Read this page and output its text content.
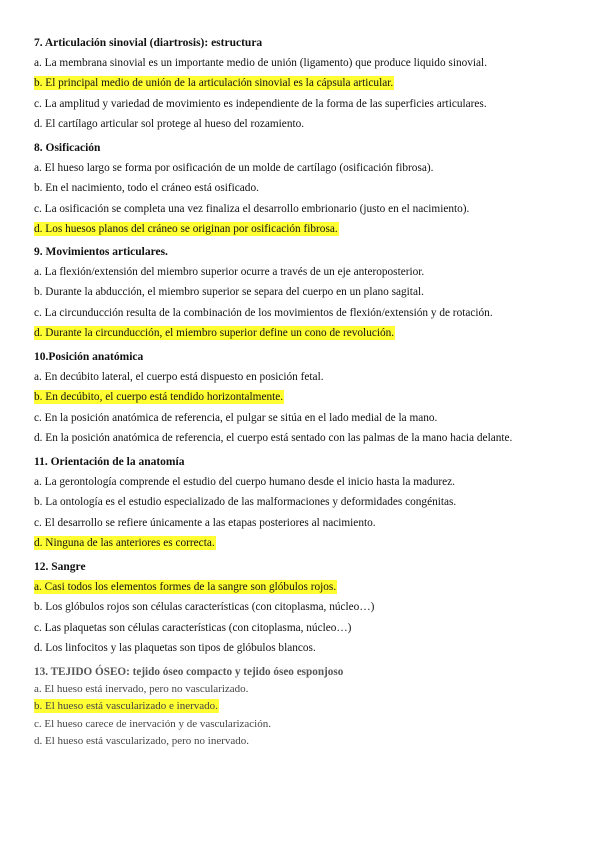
7. Articulación sinovial (diartrosis): estructura
a. La membrana sinovial es un importante medio de unión (ligamento) que produce liquido sinovial.
b. El principal medio de unión de la articulación sinovial es la cápsula articular.
c. La amplitud y variedad de movimiento es independiente de la forma de las superficies articulares.
d. El cartílago articular sol protege al hueso del rozamiento.
8. Osificación
a. El hueso largo se forma por osificación de un molde de cartílago (osificación fibrosa).
b. En el nacimiento, todo el cráneo está osificado.
c. La osificación se completa una vez finaliza el desarrollo embrionario (justo en el nacimiento).
d. Los huesos planos del cráneo se originan por osificación fibrosa.
9. Movimientos articulares.
a. La flexión/extensión del miembro superior ocurre a través de un eje anteroposterior.
b. Durante la abducción, el miembro superior se separa del cuerpo en un plano sagital.
c. La circunducción resulta de la combinación de los movimientos de flexión/extensión y de rotación.
d. Durante la circunducción, el miembro superior define un cono de revolución.
10.Posición anatómica
a. En decúbito lateral, el cuerpo está dispuesto en posición fetal.
b. En decúbito, el cuerpo está tendido horizontalmente.
c. En la posición anatómica de referencia, el pulgar se sitúa en el lado medial de la mano.
d. En la posición anatómica de referencia, el cuerpo está sentado con las palmas de la mano hacia delante.
11. Orientación de la anatomía
a. La gerontología comprende el estudio del cuerpo humano desde el inicio hasta la madurez.
b. La ontología es el estudio especializado de las malformaciones y deformidades congénitas.
c. El desarrollo se refiere únicamente a las etapas posteriores al nacimiento.
d. Ninguna de las anteriores es correcta.
12. Sangre
a. Casi todos los elementos formes de la sangre son glóbulos rojos.
b. Los glóbulos rojos son células características (con citoplasma, núcleo…)
c. Las plaquetas son células características (con citoplasma, núcleo…)
d. Los linfocitos y las plaquetas son tipos de glóbulos blancos.
13. TEJIDO ÓSEO: tejido óseo compacto y tejido óseo esponjoso
a. El hueso está inervado, pero no vascularizado.
b. El hueso está vascularizado e inervado.
c. El hueso carece de inervación y de vascularización.
d. El hueso está vascularizado, pero no inervado.
